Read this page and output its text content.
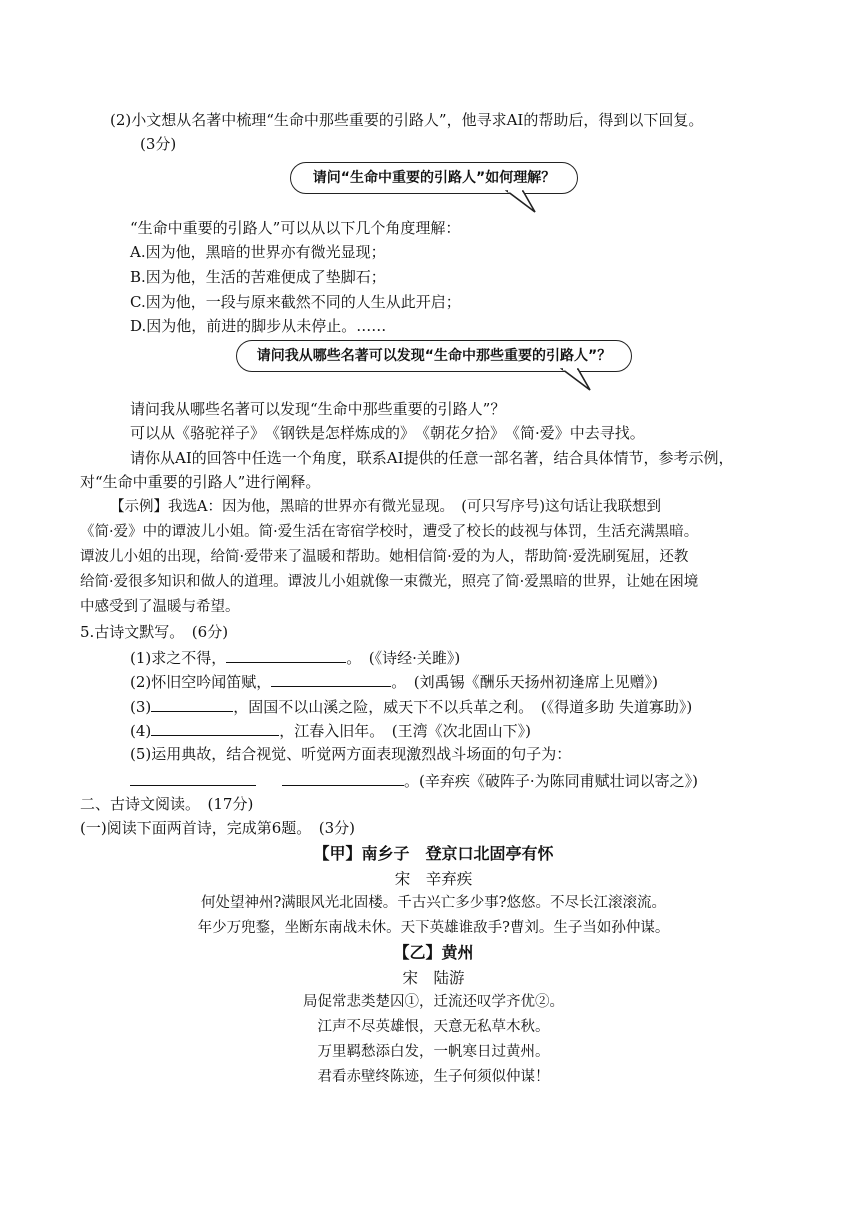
(2)小文想从名著中梳理“生命中那些重要的引路人”，他寻求AI的帮助后，得到以下回复。
(3分)
请问“生命中重要的引路人”如何理解？
“生命中重要的引路人”可以从以下几个角度理解：
A.因为他，黑暗的世界亦有微光显现；
B.因为他，生活的苦难便成了垫脚石；
C.因为他，一段与原来截然不同的人生从此开启；
D.因为他，前进的脚步从未停止。……
请问我从哪些名著可以发现“生命中那些重要的引路人”？
请问我从哪些名著可以发现“生命中那些重要的引路人”？
可以从《骆驼祥子》　《钢铁是怎样炼成的》　《朝花夕拾》　《简·爱》中去寻找。
请你从AI的回答中任选一个角度，联系AI提供的任意一部名著，结合具体情节，参考示例，
对“生命中重要的引路人”进行阐释。
【示例】我选A：因为他，黑暗的世界亦有微光显现。　(可只写序号)这句话让我联想到
《简·爱》中的谭波儿小姐。简·爱生活在寄宿学校时，遭受了校长的歧视与体罚，生活充满黑暗。
谭波儿小姐的出现，给简·爱带来了温暖和帮助。她相信简·爱的为人，帮助简·爱洗刷冤屈，还教
给简·爱很多知识和做人的道理。谭波儿小姐就像一束微光，照亮了简·爱黑暗的世界，让她在困境
中感受到了温暖与希望。
5.古诗文默写。　(6分)
(1)求之不得，	。　(《诗经·关雎》)
(2)怀旧空吟闻笛赋，	。　(刘禹锡《酬乐天扬州初逢席上见赠》)
(3)	，固国不以山溪之险，威天下不以兵革之利。　(《得道多助 失道寡助》)
(4)	，江春入旧年。　(王湾《次北固山下》)
(5)运用典故，结合视觉、听觉两方面表现激烈战斗场面的句子为：
。(辛弃疾《破阵子·为陈同甫赋壮词以寄之》)
二、古诗文阅读。　(17分)
(一)阅读下面两首诗，完成第6题。　(3分)
【甲】南乡子　登京口北固亭有怀
宋　辛弃疾
何处望神州?满眼风光北固楼。千古兴亡多少事?悠悠。不尽长江滚滚流。
年少万兜鍪，坐断东南战未休。天下英雄谁敌手?曹刘。生子当如孙仲谋。
【乙】黄州
宋　陆游
局促常悲类楚囚①，迁流还叹学齐优②。
江声不尽英雄恨，天意无私草木秋。
万里羁愁添白发，一帆寒日过黄州。
君看赤壁终陈迹，生子何须似仲谋！
